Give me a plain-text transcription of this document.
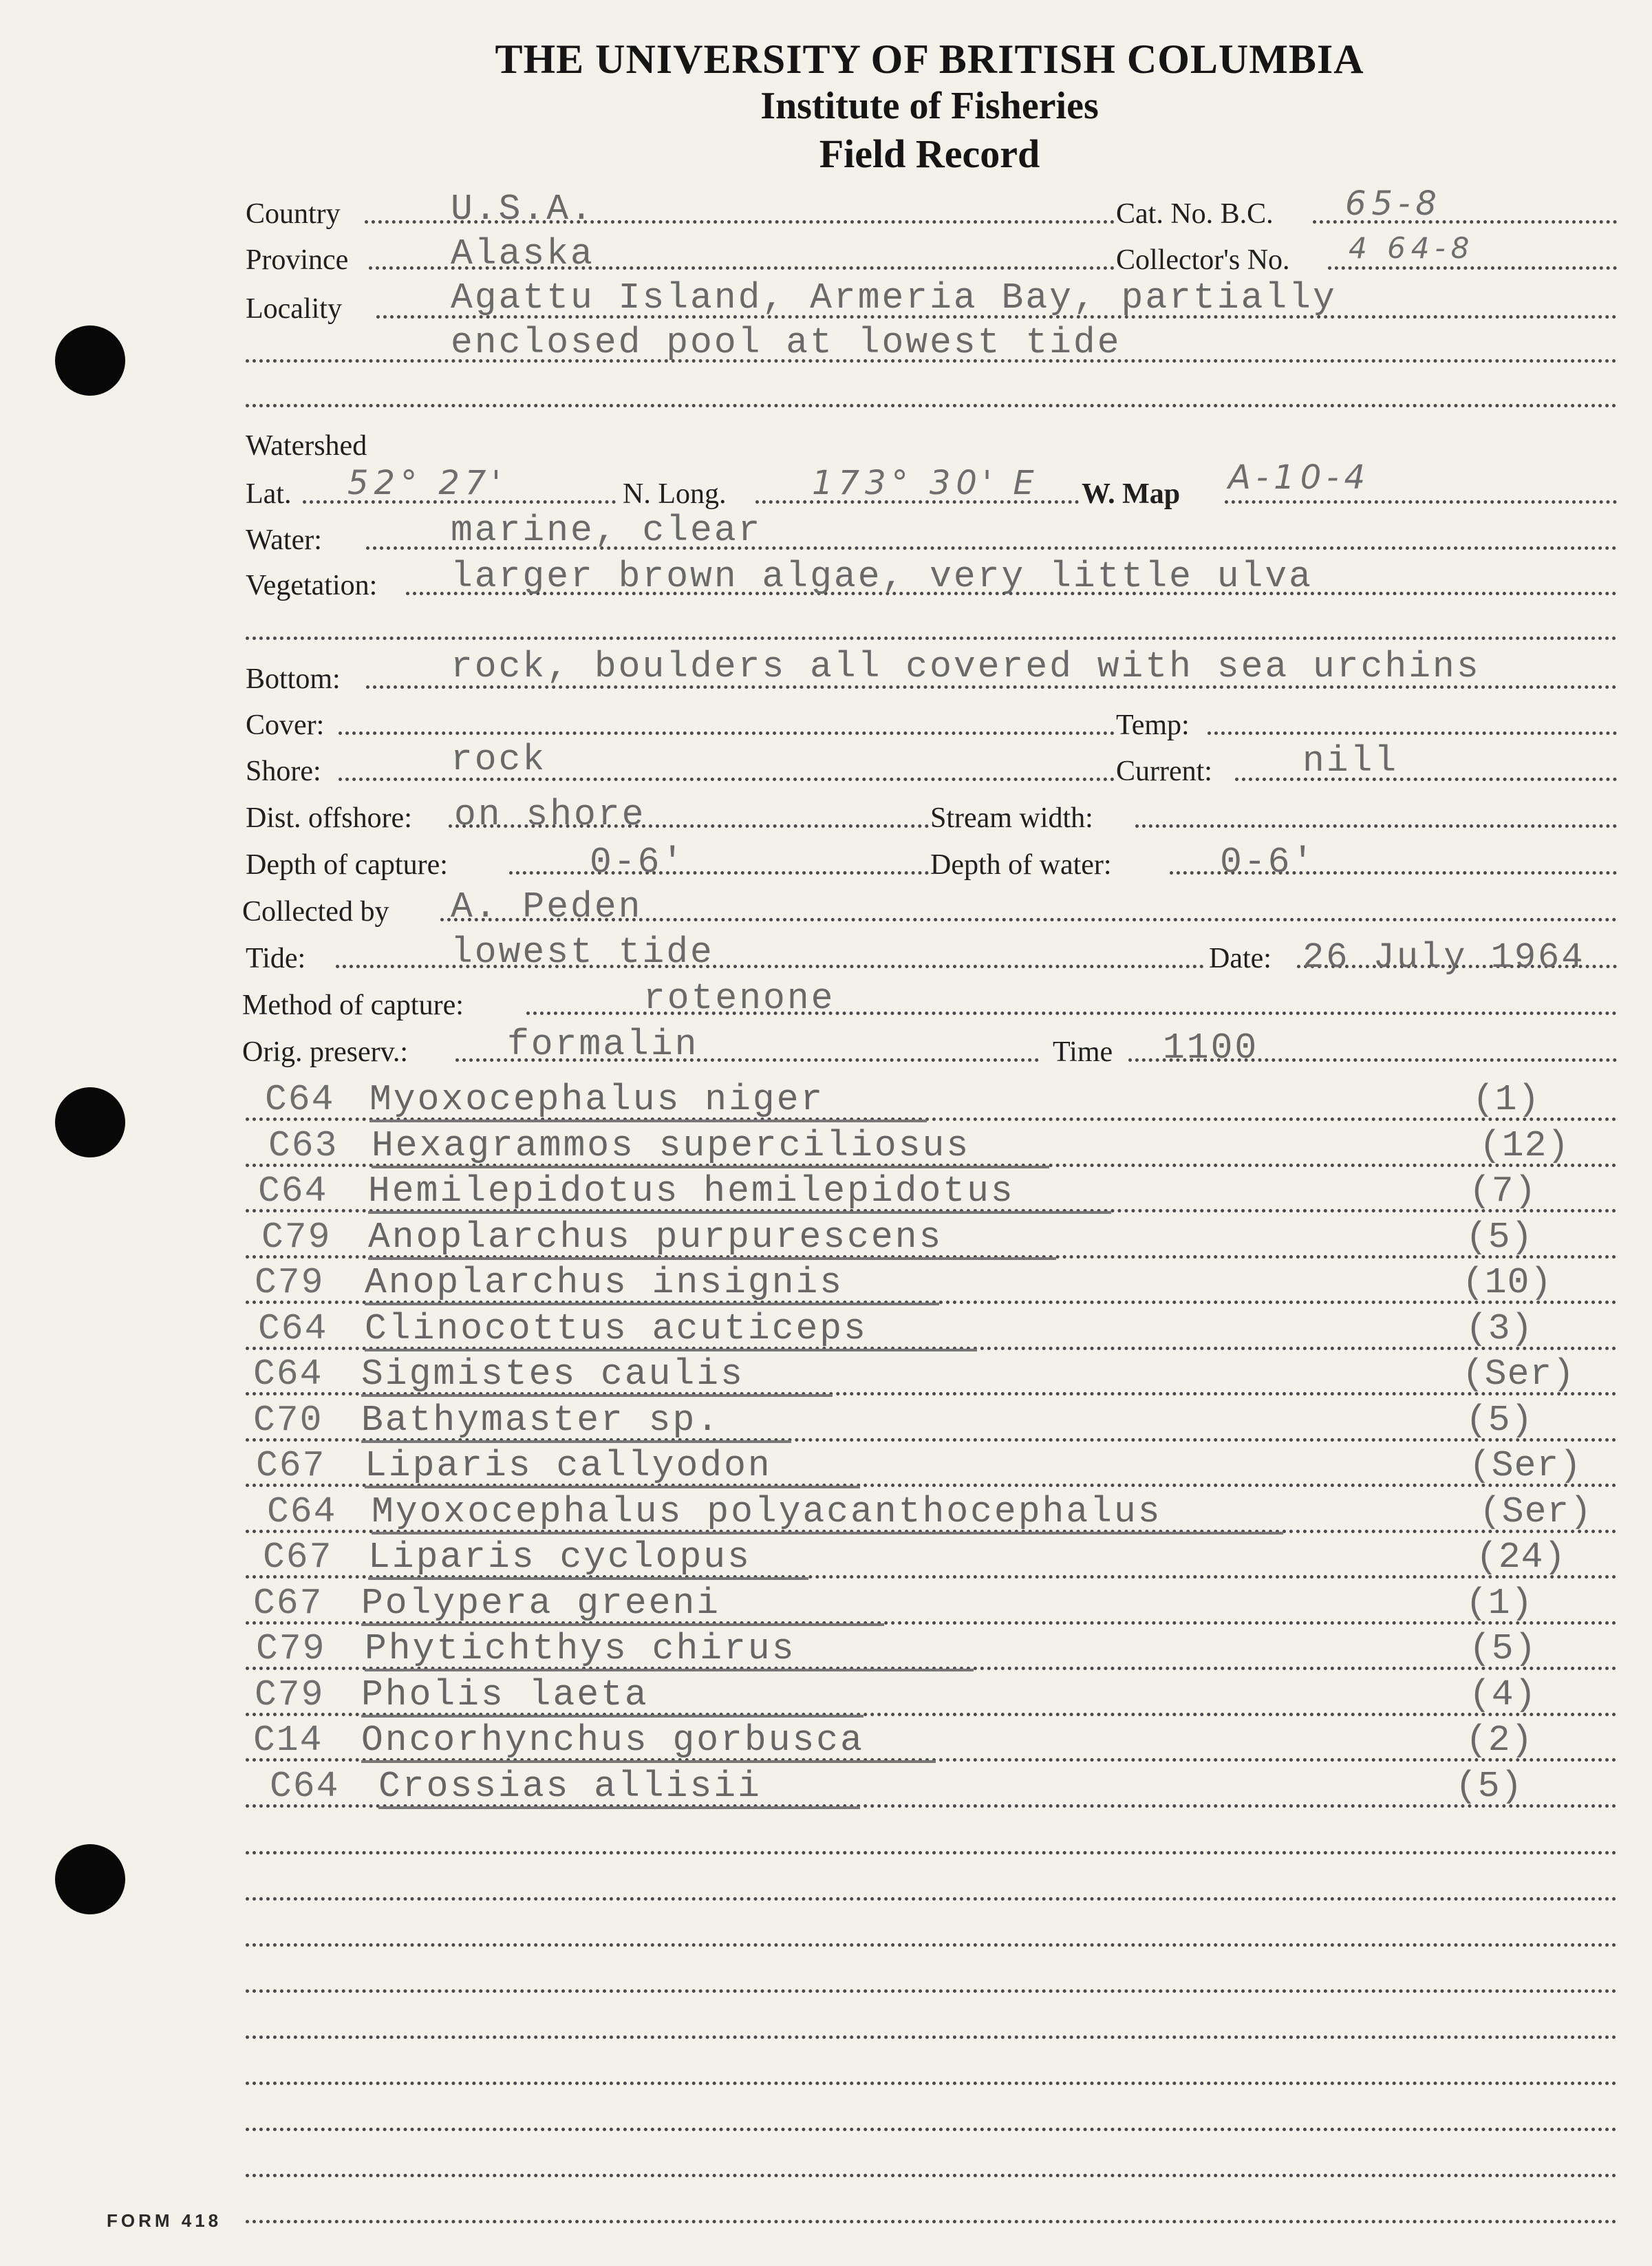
THE UNIVERSITY OF BRITISH COLUMBIA
Institute of Fisheries
Field Record
Country	U.S.A.	Cat. No. B.C. 65-8
Province	Alaska	Collector's No. 4 64-8
Locality	Agattu Island, Armeria Bay, partially
enclosed pool at lowest tide
Watershed
Lat. 52° 27'	N. Long.	173° 30' E W. Map A-10-4
Water:	marine, clear
Vegetation: larger brown algae, very little ulva
Bottom:	rock, boulders all covered with sea urchins
Cover:	Temp:
Shore:	rock	Current: nill
Dist. offshore: on shore	Stream width:
Depth of capture:	0-6'	Depth of water:	0-6'
Collected by A. Peden
Tide:	lowest tide	Date: 26 July 1964
Method of capture:	rotenone
Orig. preserv.:	formalin	Time 1100
C64 Myoxocephalus niger	(1)
C63 Hexagrammos superciliosus	(12)
C64 Hemilepidotus hemilepidotus	(7)
C79 Anoplarchus purpurescens	(5)
C79 Anoplarchus insignis	(10)
C64 Clinocottus acuticeps	(3)
C64 Sigmistes caulis	(Ser)
C70 Bathymaster sp.	(5)
C67 Liparis callyodon	(Ser)
C64 Myoxocephalus polyacanthocephalus	(Ser)
C67 Liparis cyclopus	(24)
C67 Polypera greeni	(1)
C79 Phytichthys chirus	(5)
C79 Pholis laeta	(4)
C14 Oncorhynchus gorbusca	(2)
C64 Crossias allisii	(5)
FORM 418
